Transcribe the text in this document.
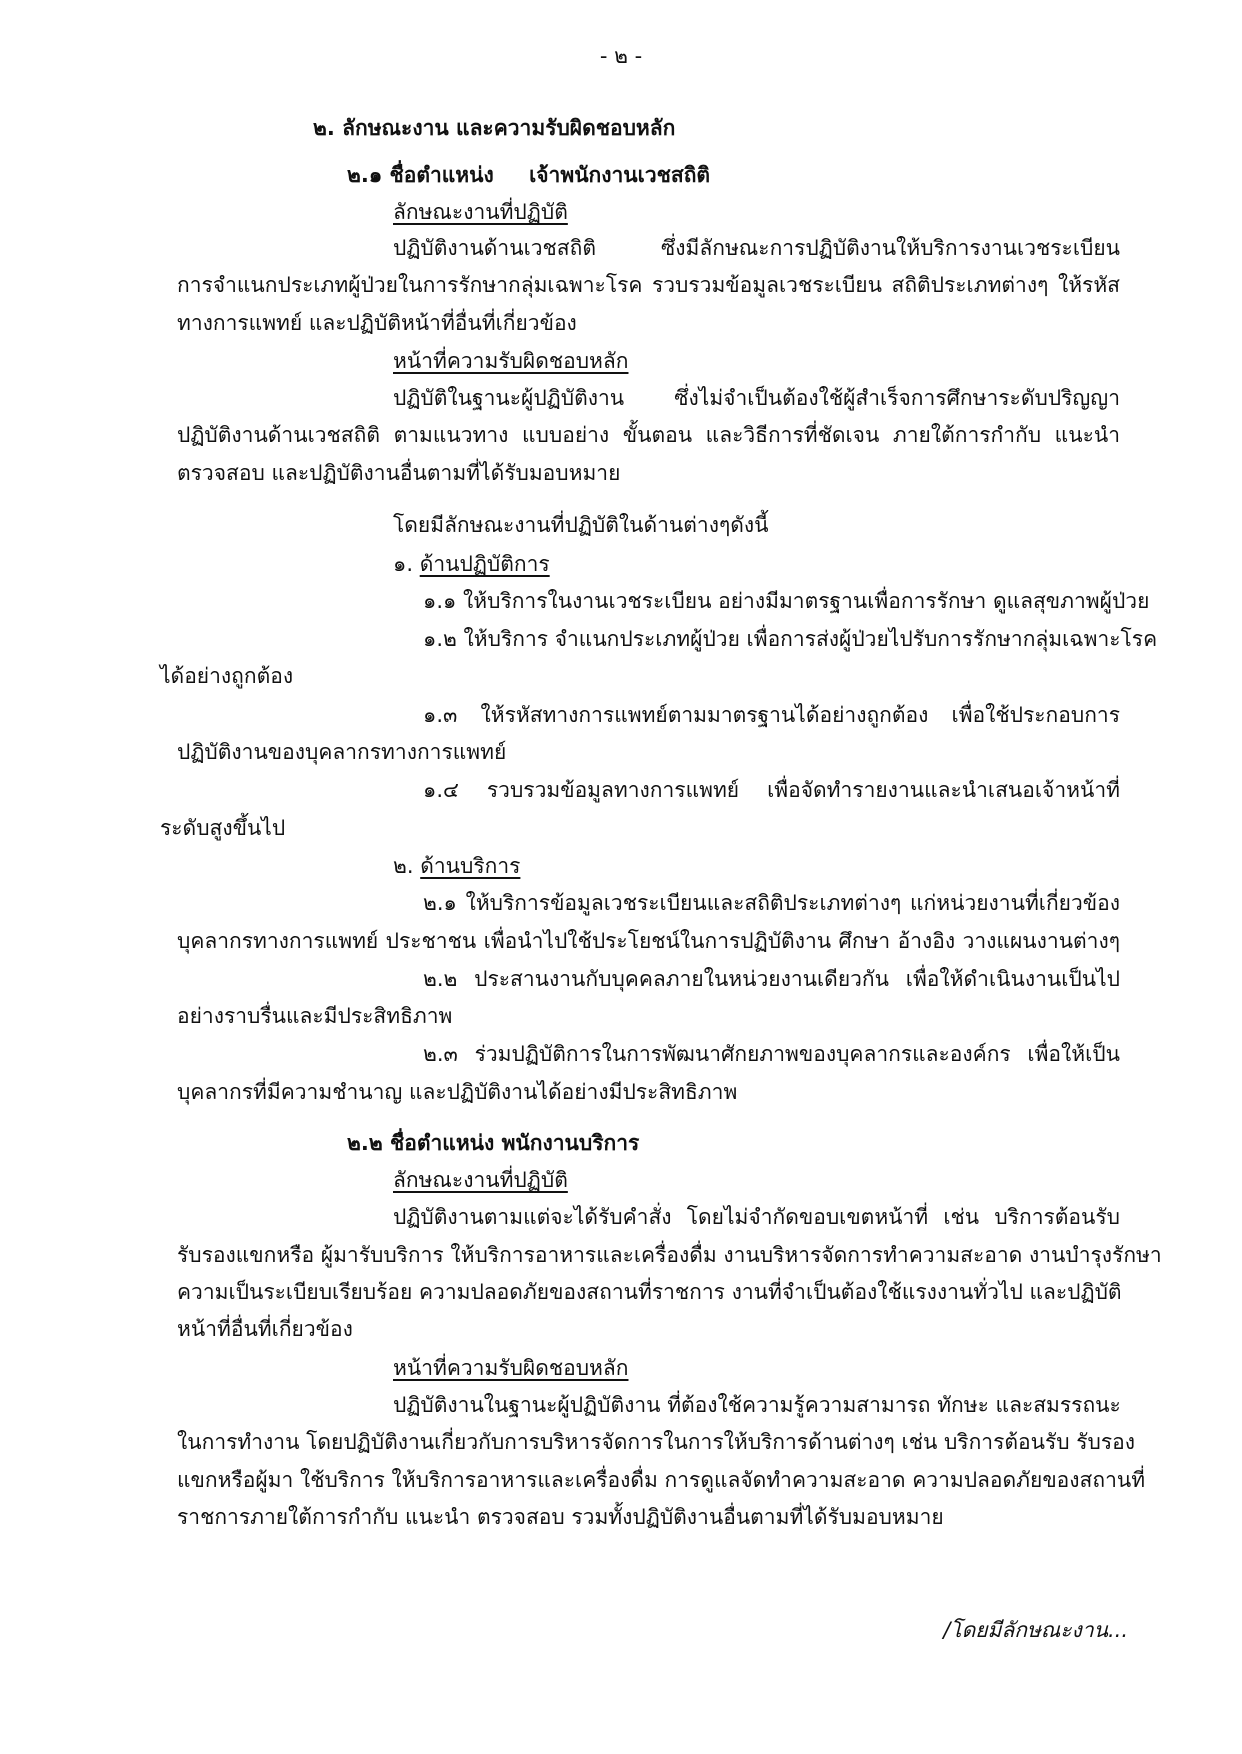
- ๒ -
๒. ลักษณะงาน และความรับผิดชอบหลัก
๒.๑ ชื่อตำแหน่ง เจ้าพนักงานเวชสถิติ
ลักษณะงานที่ปฏิบัติ
ปฏิบัติงานด้านเวชสถิติ ซึ่งมีลักษณะการปฏิบัติงานให้บริการงานเวชระเบียน
การจำแนกประเภทผู้ป่วยในการรักษากลุ่มเฉพาะโรค รวบรวมข้อมูลเวชระเบียน สถิติประเภทต่างๆ ให้รหัส
ทางการแพทย์ และปฏิบัติหน้าที่อื่นที่เกี่ยวข้อง
หน้าที่ความรับผิดชอบหลัก
ปฏิบัติในฐานะผู้ปฏิบัติงาน ซึ่งไม่จำเป็นต้องใช้ผู้สำเร็จการศึกษาระดับปริญญา
ปฏิบัติงานด้านเวชสถิติ ตามแนวทาง แบบอย่าง ขั้นตอน และวิธีการที่ชัดเจน ภายใต้การกำกับ แนะนำ
ตรวจสอบ และปฏิบัติงานอื่นตามที่ได้รับมอบหมาย
โดยมีลักษณะงานที่ปฏิบัติในด้านต่างๆดังนี้
๑. ด้านปฏิบัติการ
๑.๑ ให้บริการในงานเวชระเบียน อย่างมีมาตรฐานเพื่อการรักษา ดูแลสุขภาพผู้ป่วย
๑.๒ ให้บริการ จำแนกประเภทผู้ป่วย เพื่อการส่งผู้ป่วยไปรับการรักษากลุ่มเฉพาะโรค
ได้อย่างถูกต้อง
๑.๓ ให้รหัสทางการแพทย์ตามมาตรฐานได้อย่างถูกต้อง เพื่อใช้ประกอบการ
ปฏิบัติงานของบุคลากรทางการแพทย์
๑.๔ รวบรวมข้อมูลทางการแพทย์ เพื่อจัดทำรายงานและนำเสนอเจ้าหน้าที่
ระดับสูงขึ้นไป
๒. ด้านบริการ
๒.๑ ให้บริการข้อมูลเวชระเบียนและสถิติประเภทต่างๆ แก่หน่วยงานที่เกี่ยวข้อง
บุคลากรทางการแพทย์ ประชาชน เพื่อนำไปใช้ประโยชน์ในการปฏิบัติงาน ศึกษา อ้างอิง วางแผนงานต่างๆ
๒.๒ ประสานงานกับบุคคลภายในหน่วยงานเดียวกัน เพื่อให้ดำเนินงานเป็นไป
อย่างราบรื่นและมีประสิทธิภาพ
๒.๓ ร่วมปฏิบัติการในการพัฒนาศักยภาพของบุคลากรและองค์กร เพื่อให้เป็น
บุคลากรที่มีความชำนาญ และปฏิบัติงานได้อย่างมีประสิทธิภาพ
๒.๒ ชื่อตำแหน่ง พนักงานบริการ
ลักษณะงานที่ปฏิบัติ
ปฏิบัติงานตามแต่จะได้รับคำสั่ง โดยไม่จำกัดขอบเขตหน้าที่ เช่น บริการต้อนรับ
รับรองแขกหรือ ผู้มารับบริการ ให้บริการอาหารและเครื่องดื่ม งานบริหารจัดการทำความสะอาด งานบำรุงรักษา
ความเป็นระเบียบเรียบร้อย ความปลอดภัยของสถานที่ราชการ งานที่จำเป็นต้องใช้แรงงานทั่วไป และปฏิบัติ
หน้าที่อื่นที่เกี่ยวข้อง
หน้าที่ความรับผิดชอบหลัก
ปฏิบัติงานในฐานะผู้ปฏิบัติงาน ที่ต้องใช้ความรู้ความสามารถ ทักษะ และสมรรถนะ
ในการทำงาน โดยปฏิบัติงานเกี่ยวกับการบริหารจัดการในการให้บริการด้านต่างๆ เช่น บริการต้อนรับ รับรอง
แขกหรือผู้มา ใช้บริการ ให้บริการอาหารและเครื่องดื่ม การดูแลจัดทำความสะอาด ความปลอดภัยของสถานที่
ราชการภายใต้การกำกับ แนะนำ ตรวจสอบ รวมทั้งปฏิบัติงานอื่นตามที่ได้รับมอบหมาย
/โดยมีลักษณะงาน...
